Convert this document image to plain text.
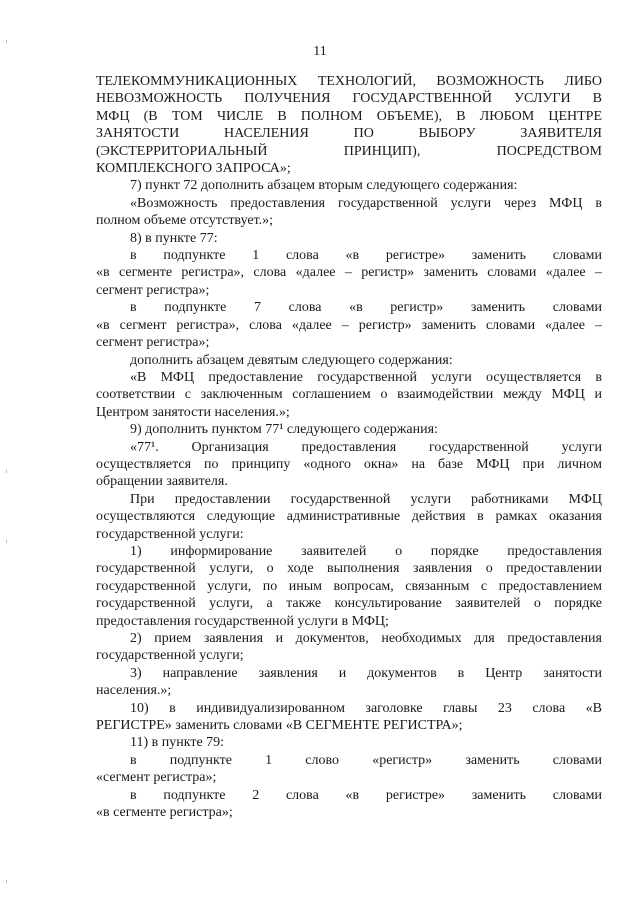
11
ТЕЛЕКОММУНИКАЦИОННЫХ ТЕХНОЛОГИЙ, ВОЗМОЖНОСТЬ ЛИБО
НЕВОЗМОЖНОСТЬ ПОЛУЧЕНИЯ ГОСУДАРСТВЕННОЙ УСЛУГИ В
МФЦ (В ТОМ ЧИСЛЕ В ПОЛНОМ ОБЪЕМЕ), В ЛЮБОМ ЦЕНТРЕ
ЗАНЯТОСТИ НАСЕЛЕНИЯ ПО ВЫБОРУ ЗАЯВИТЕЛЯ
(ЭКСТЕРРИТОРИАЛЬНЫЙ ПРИНЦИП), ПОСРЕДСТВОМ
КОМПЛЕКСНОГО ЗАПРОСА»;
7) пункт 72 дополнить абзацем вторым следующего содержания:
«Возможность предоставления государственной услуги через МФЦ в
полном объеме отсутствует.»;
8) в пункте 77:
в подпункте 1 слова «в регистре» заменить словами
«в сегменте регистра», слова «далее – регистр» заменить словами «далее –
сегмент регистра»;
в подпункте 7 слова «в регистр» заменить словами
«в сегмент регистра», слова «далее – регистр» заменить словами «далее –
сегмент регистра»;
дополнить абзацем девятым следующего содержания:
«В МФЦ предоставление государственной услуги осуществляется в
соответствии с заключенным соглашением о взаимодействии между МФЦ и
Центром занятости населения.»;
9) дополнить пунктом 77¹ следующего содержания:
«77¹. Организация предоставления государственной услуги
осуществляется по принципу «одного окна» на базе МФЦ при личном
обращении заявителя.
При предоставлении государственной услуги работниками МФЦ
осуществляются следующие административные действия в рамках оказания
государственной услуги:
1) информирование заявителей о порядке предоставления
государственной услуги, о ходе выполнения заявления о предоставлении
государственной услуги, по иным вопросам, связанным с предоставлением
государственной услуги, а также консультирование заявителей о порядке
предоставления государственной услуги в МФЦ;
2) прием заявления и документов, необходимых для предоставления
государственной услуги;
3) направление заявления и документов в Центр занятости
населения.»;
10) в индивидуализированном заголовке главы 23 слова «В
РЕГИСТРЕ» заменить словами «В СЕГМЕНТЕ РЕГИСТРА»;
11) в пункте 79:
в подпункте 1 слово «регистр» заменить словами
«сегмент регистра»;
в подпункте 2 слова «в регистре» заменить словами
«в сегменте регистра»;
